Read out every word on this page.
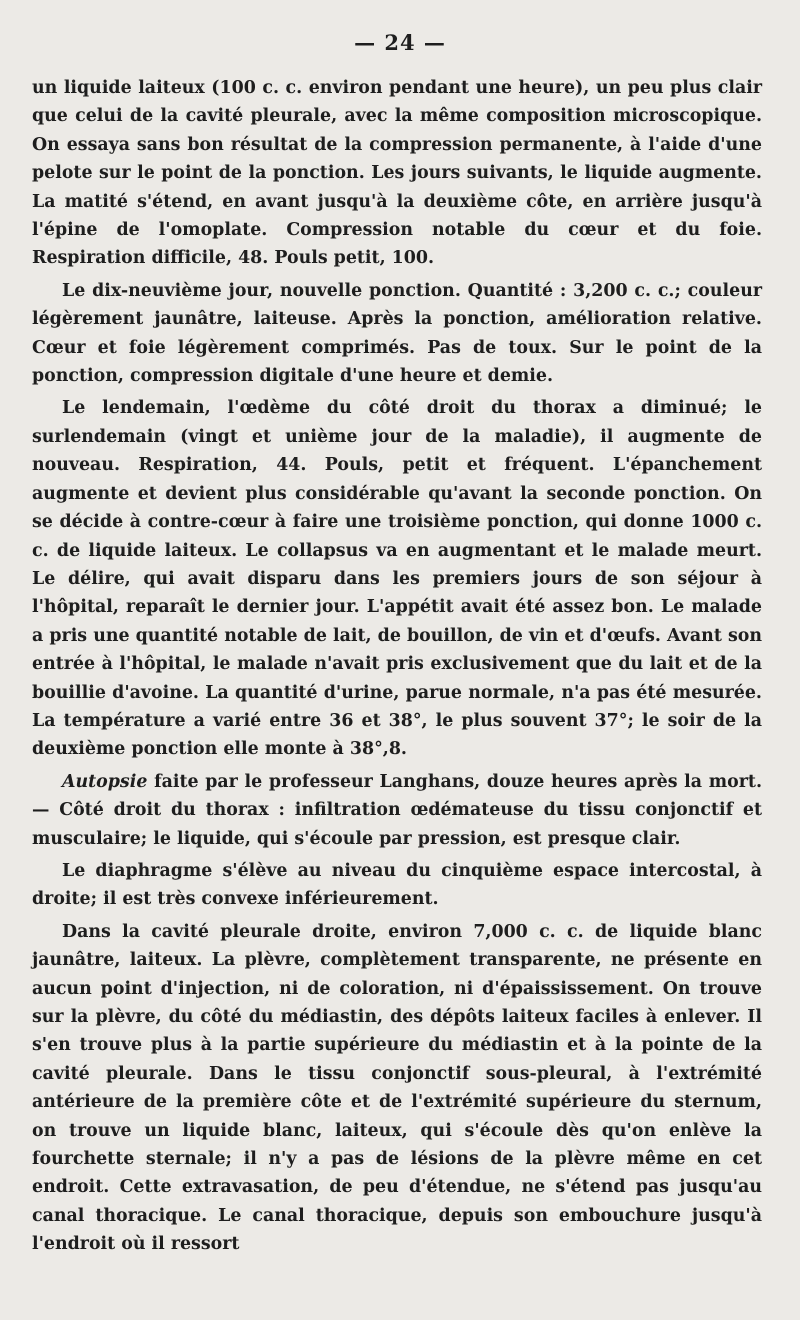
— 24 —

un liquide laiteux (100 c. c. environ pendant une heure), un peu plus clair que celui de la cavité pleurale, avec la même composition microscopique. On essaya sans bon résultat de la compression permanente, à l'aide d'une pelote sur le point de la ponction. Les jours suivants, le liquide augmente. La matité s'étend, en avant jusqu'à la deuxième côte, en arrière jusqu'à l'épine de l'omoplate. Compression notable du cœur et du foie. Respiration difficile, 48. Pouls petit, 100.

Le dix-neuvième jour, nouvelle ponction. Quantité : 3,200 c. c.; couleur légèrement jaunâtre, laiteuse. Après la ponction, amélioration relative. Cœur et foie légèrement comprimés. Pas de toux. Sur le point de la ponction, compression digitale d'une heure et demie.

Le lendemain, l'œdème du côté droit du thorax a diminué; le surlendemain (vingt et unième jour de la maladie), il augmente de nouveau. Respiration, 44. Pouls, petit et fréquent. L'épanchement augmente et devient plus considérable qu'avant la seconde ponction. On se décide à contre-cœur à faire une troisième ponction, qui donne 1000 c. c. de liquide laiteux. Le collapsus va en augmentant et le malade meurt. Le délire, qui avait disparu dans les premiers jours de son séjour à l'hôpital, reparaît le dernier jour. L'appétit avait été assez bon. Le malade a pris une quantité notable de lait, de bouillon, de vin et d'œufs. Avant son entrée à l'hôpital, le malade n'avait pris exclusivement que du lait et de la bouillie d'avoine. La quantité d'urine, parue normale, n'a pas été mesurée. La température a varié entre 36 et 38°, le plus souvent 37°; le soir de la deuxième ponction elle monte à 38°,8.

Autopsie faite par le professeur Langhans, douze heures après la mort. — Côté droit du thorax : infiltration œdémateuse du tissu conjonctif et musculaire; le liquide, qui s'écoule par pression, est presque clair.

Le diaphragme s'élève au niveau du cinquième espace intercostal, à droite; il est très convexe inférieurement.

Dans la cavité pleurale droite, environ 7,000 c. c. de liquide blanc jaunâtre, laiteux. La plèvre, complètement transparente, ne présente en aucun point d'injection, ni de coloration, ni d'épaississement. On trouve sur la plèvre, du côté du médiastin, des dépôts laiteux faciles à enlever. Il s'en trouve plus à la partie supérieure du médiastin et à la pointe de la cavité pleurale. Dans le tissu conjonctif sous-pleural, à l'extrémité antérieure de la première côte et de l'extrémité supérieure du sternum, on trouve un liquide blanc, laiteux, qui s'écoule dès qu'on enlève la fourchette sternale; il n'y a pas de lésions de la plèvre même en cet endroit. Cette extravasation, de peu d'étendue, ne s'étend pas jusqu'au canal thoracique. Le canal thoracique, depuis son embouchure jusqu'à l'endroit où il ressort
